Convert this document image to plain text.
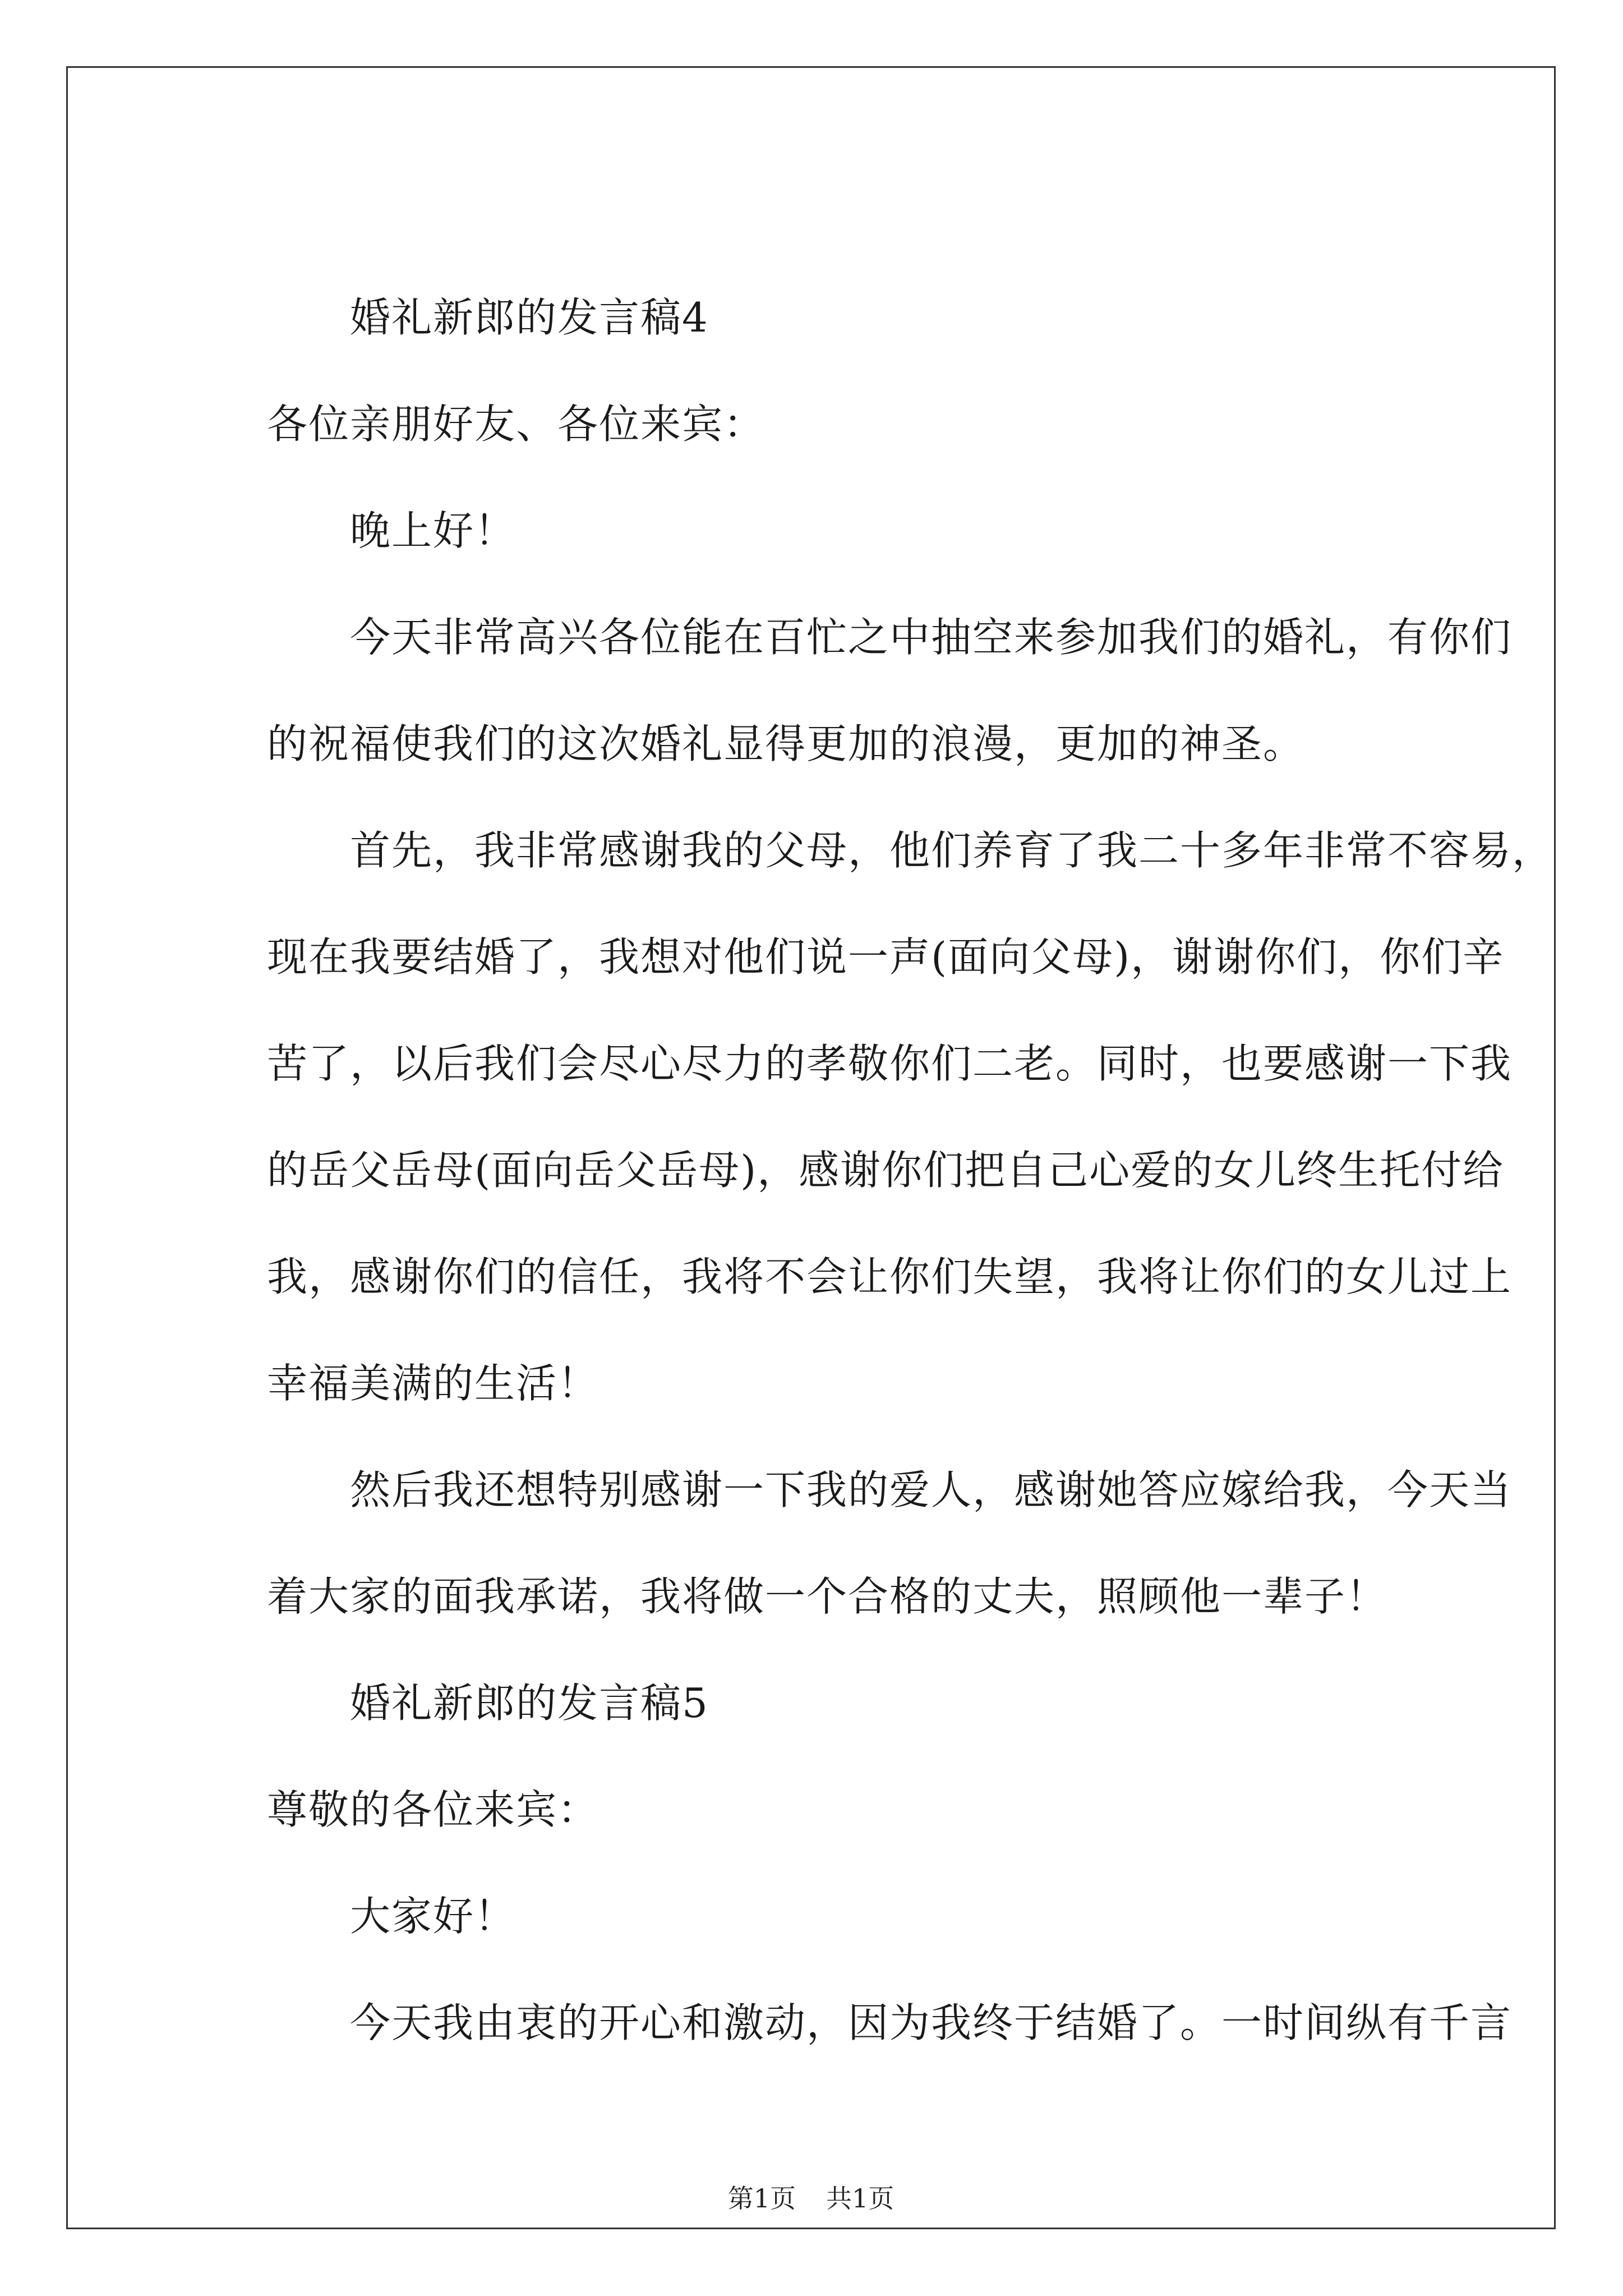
婚礼新郎的发言稿4
各位亲朋好友、各位来宾：
晚上好！
今天非常高兴各位能在百忙之中抽空来参加我们的婚礼，有你们
的祝福使我们的这次婚礼显得更加的浪漫，更加的神圣。
首先，我非常感谢我的父母，他们养育了我二十多年非常不容易，
现在我要结婚了，我想对他们说一声(面向父母)，谢谢你们，你们辛
苦了，以后我们会尽心尽力的孝敬你们二老。同时，也要感谢一下我
的岳父岳母(面向岳父岳母)，感谢你们把自己心爱的女儿终生托付给
我，感谢你们的信任，我将不会让你们失望，我将让你们的女儿过上
幸福美满的生活！
然后我还想特别感谢一下我的爱人，感谢她答应嫁给我，今天当
着大家的面我承诺，我将做一个合格的丈夫，照顾他一辈子！
婚礼新郎的发言稿5
尊敬的各位来宾：
大家好！
今天我由衷的开心和激动，因为我终于结婚了。一时间纵有千言
第1页 共1页
